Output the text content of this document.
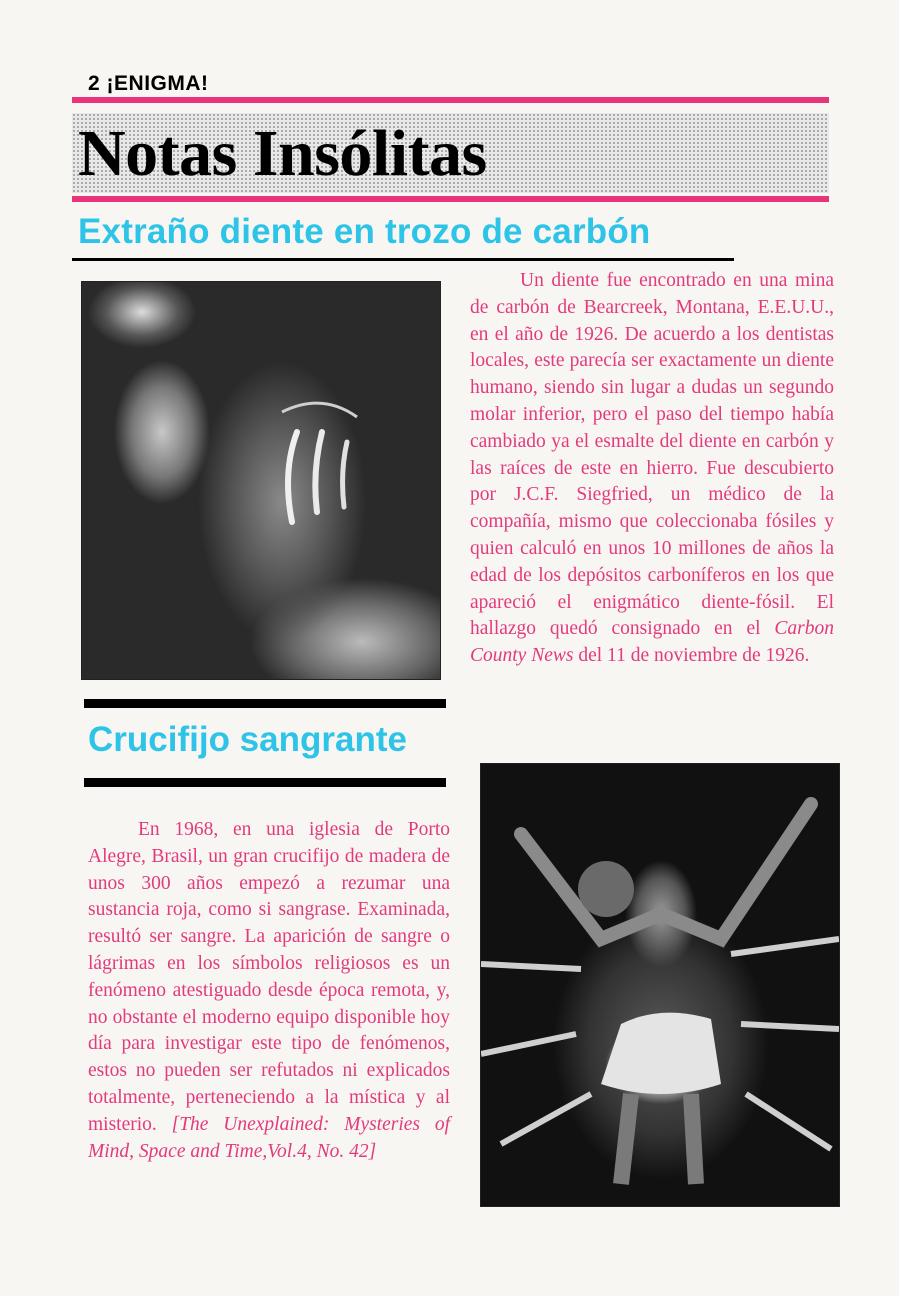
2 ¡ENIGMA!
Notas Insólitas
Extraño diente en trozo de carbón

Un diente fue encontrado en una mina de carbón de Bearcreek, Montana, E.E.U.U., en el año de 1926. De acuerdo a los dentistas locales, este parecía ser exactamente un diente humano, siendo sin lugar a dudas un segundo molar inferior, pero el paso del tiempo había cambiado ya el esmalte del diente en carbón y las raíces de este en hierro. Fue descubierto por J.C.F. Siegfried, un médico de la compañía, mismo que coleccionaba fósiles y quien calculó en unos 10 millones de años la edad de los depósitos carboníferos en los que apareció el enigmático diente-fósil. El hallazgo quedó consignado en el Carbon County News del 11 de noviembre de 1926.

Crucifijo sangrante

En 1968, en una iglesia de Porto Alegre, Brasil, un gran crucifijo de madera de unos 300 años empezó a rezumar una sustancia roja, como si sangrase. Examinada, resultó ser sangre. La aparición de sangre o lágrimas en los símbolos religiosos es un fenómeno atestiguado desde época remota, y, no obstante el moderno equipo disponible hoy día para investigar este tipo de fenómenos, estos no pueden ser refutados ni explicados totalmente, perteneciendo a la mística y al misterio. [The Unexplained: Mysteries of Mind, Space and Time,Vol.4, No. 42]
